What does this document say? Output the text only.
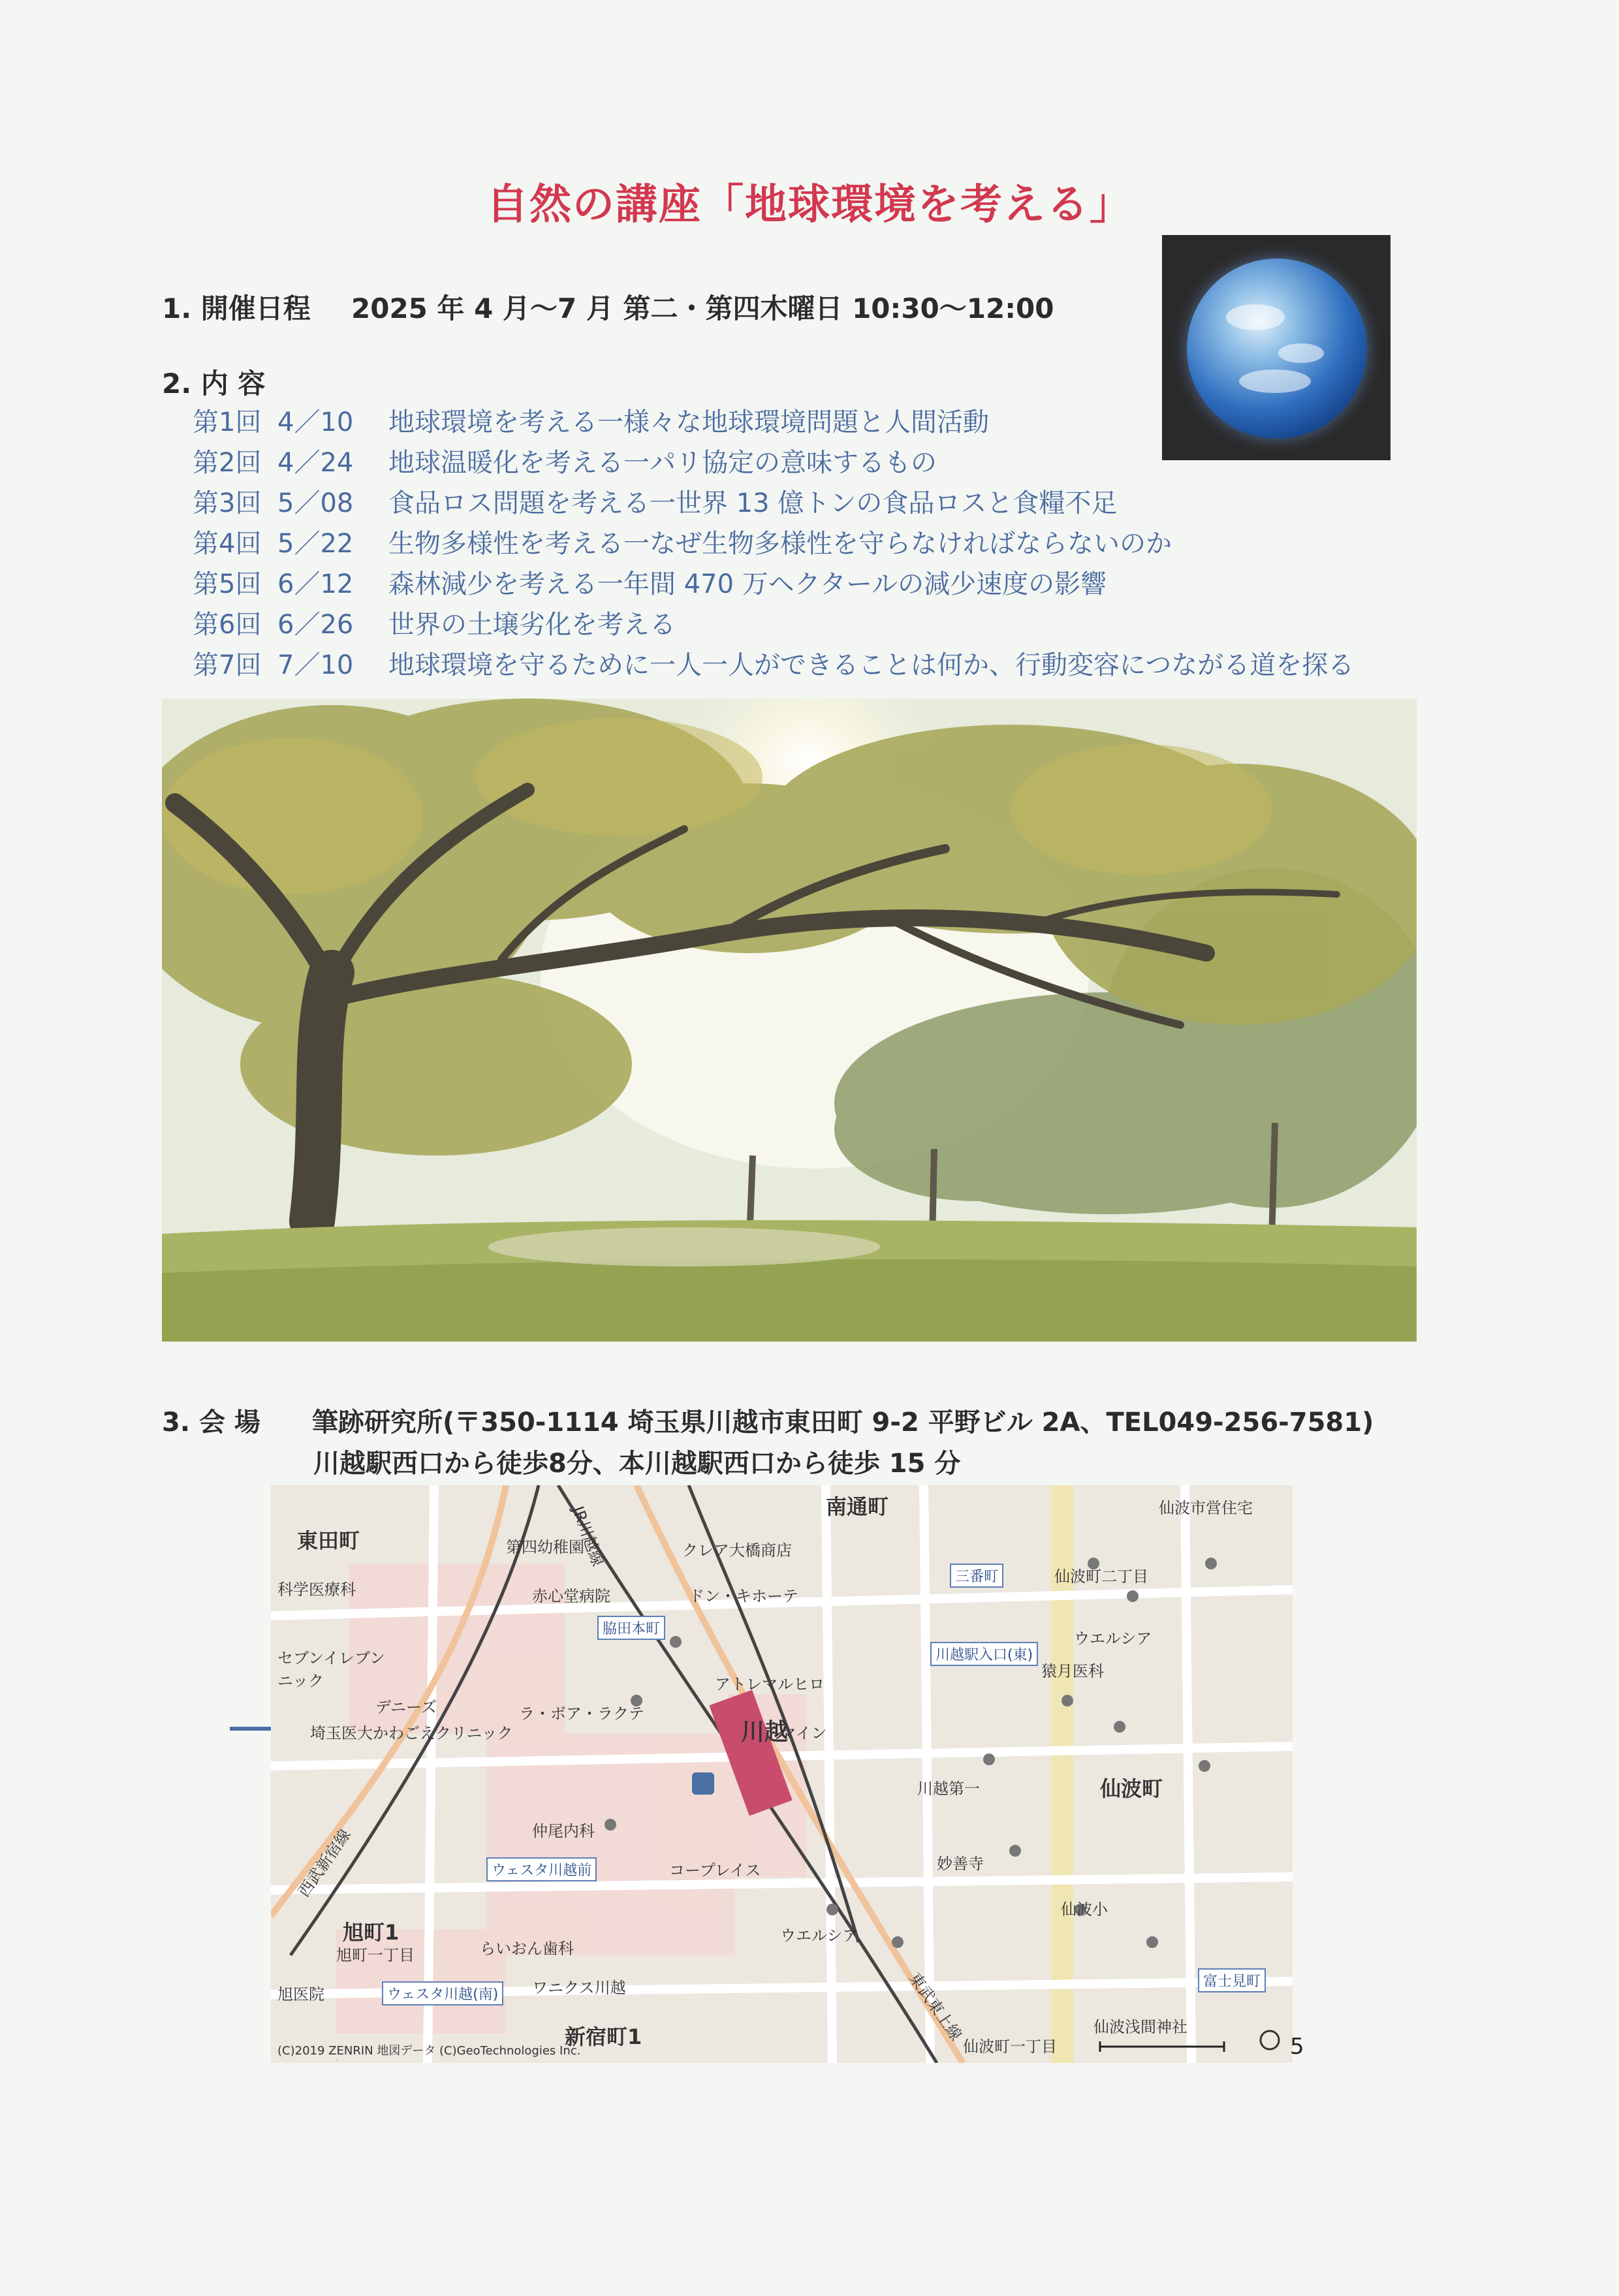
自然の講座「地球環境を考える」
1. 開催日程 2025 年 4 月～7 月 第二・第四木曜日 10:30～12:00
2. 内 容
第1回 4／10 地球環境を考える一様々な地球環境問題と人間活動
第2回 4／24 地球温暖化を考える一パリ協定の意味するもの
第3回 5／08 食品ロス問題を考える一世界 13 億トンの食品ロスと食糧不足
第4回 5／22 生物多様性を考える一なぜ生物多様性を守らなければならないのか
第5回 6／12 森林減少を考える一年間 470 万ヘクタールの減少速度の影響
第6回 6／26 世界の土壌劣化を考える
第7回 7／10 地球環境を守るために一人一人ができることは何か、行動変容につながる道を探る
3. 会 場 筆跡研究所(〒350-1114 埼玉県川越市東田町 9-2 平野ビル 2A、TEL049-256-7581)
川越駅西口から徒歩8分、本川越駅西口から徒歩 15 分
南通町
東田町
旭町1
新宿町1
仙波町
川越
仙波市営住宅
第四幼稚園	クレア大橋商店
ドン・キホーテ
赤心堂病院
科学医療科
セブンイレブン
ニック
デニーズ
埼玉医大かわごえクリニック
ラ・ボア・ラクテ
アトレマルヒロ
マイン
仲尾内科
コープレイス
ウエルシア
らいおん歯科
ワニクス川越
旭町一丁目
旭医院
仙波町二丁目
ウエルシア
猿月医科
川越第一
妙善寺
仙波小
仙波浅間神社
仙波町一丁目
西武新宿線
東武東上線
JR川越線
脇田本町
三番町
川越駅入口(東)
ウェスタ川越前
ウェスタ川越(南)
富士見町
(C)2019 ZENRIN 地図データ (C)GeoTechnologies Inc.	5
